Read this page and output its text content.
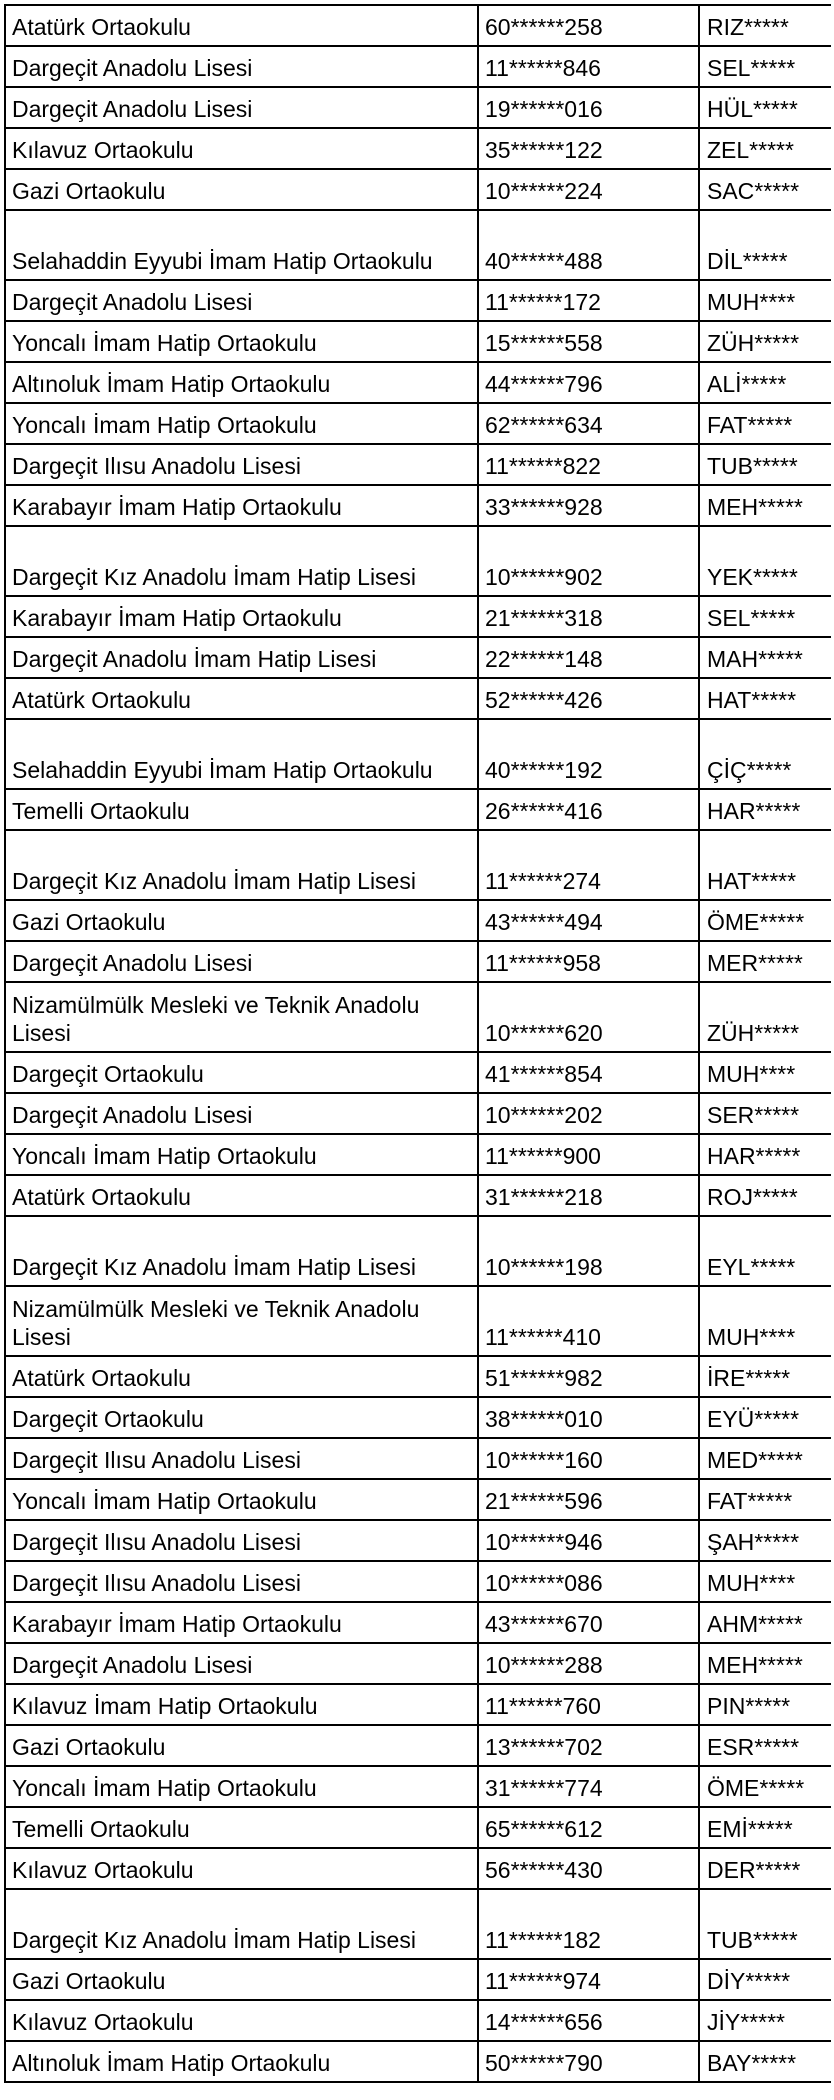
Atatürk Ortaokulu	60******258	RIZ*****
Dargeçit Anadolu Lisesi	11******846	SEL*****
Dargeçit Anadolu Lisesi	19******016	HÜL*****
Kılavuz Ortaokulu	35******122	ZEL*****
Gazi Ortaokulu	10******224	SAC*****
Selahaddin Eyyubi İmam Hatip Ortaokulu	40******488	DİL*****
Dargeçit Anadolu Lisesi	11******172	MUH****
Yoncalı İmam Hatip Ortaokulu	15******558	ZÜH*****
Altınoluk İmam Hatip Ortaokulu	44******796	ALİ*****
Yoncalı İmam Hatip Ortaokulu	62******634	FAT*****
Dargeçit Ilısu Anadolu Lisesi	11******822	TUB*****
Karabayır İmam Hatip Ortaokulu	33******928	MEH*****
Dargeçit Kız Anadolu İmam Hatip Lisesi	10******902	YEK*****
Karabayır İmam Hatip Ortaokulu	21******318	SEL*****
Dargeçit Anadolu İmam Hatip Lisesi	22******148	MAH*****
Atatürk Ortaokulu	52******426	HAT*****
Selahaddin Eyyubi İmam Hatip Ortaokulu	40******192	ÇİÇ*****
Temelli Ortaokulu	26******416	HAR*****
Dargeçit Kız Anadolu İmam Hatip Lisesi	11******274	HAT*****
Gazi Ortaokulu	43******494	ÖME*****
Dargeçit Anadolu Lisesi	11******958	MER*****
Nizamülmülk Mesleki ve Teknik Anadolu Lisesi	10******620	ZÜH*****
Dargeçit Ortaokulu	41******854	MUH****
Dargeçit Anadolu Lisesi	10******202	SER*****
Yoncalı İmam Hatip Ortaokulu	11******900	HAR*****
Atatürk Ortaokulu	31******218	ROJ*****
Dargeçit Kız Anadolu İmam Hatip Lisesi	10******198	EYL*****
Nizamülmülk Mesleki ve Teknik Anadolu Lisesi	11******410	MUH****
Atatürk Ortaokulu	51******982	İRE*****
Dargeçit Ortaokulu	38******010	EYÜ*****
Dargeçit Ilısu Anadolu Lisesi	10******160	MED*****
Yoncalı İmam Hatip Ortaokulu	21******596	FAT*****
Dargeçit Ilısu Anadolu Lisesi	10******946	ŞAH*****
Dargeçit Ilısu Anadolu Lisesi	10******086	MUH****
Karabayır İmam Hatip Ortaokulu	43******670	AHM*****
Dargeçit Anadolu Lisesi	10******288	MEH*****
Kılavuz İmam Hatip Ortaokulu	11******760	PIN*****
Gazi Ortaokulu	13******702	ESR*****
Yoncalı İmam Hatip Ortaokulu	31******774	ÖME*****
Temelli Ortaokulu	65******612	EMİ*****
Kılavuz Ortaokulu	56******430	DER*****
Dargeçit Kız Anadolu İmam Hatip Lisesi	11******182	TUB*****
Gazi Ortaokulu	11******974	DİY*****
Kılavuz Ortaokulu	14******656	JİY*****
Altınoluk İmam Hatip Ortaokulu	50******790	BAY*****
